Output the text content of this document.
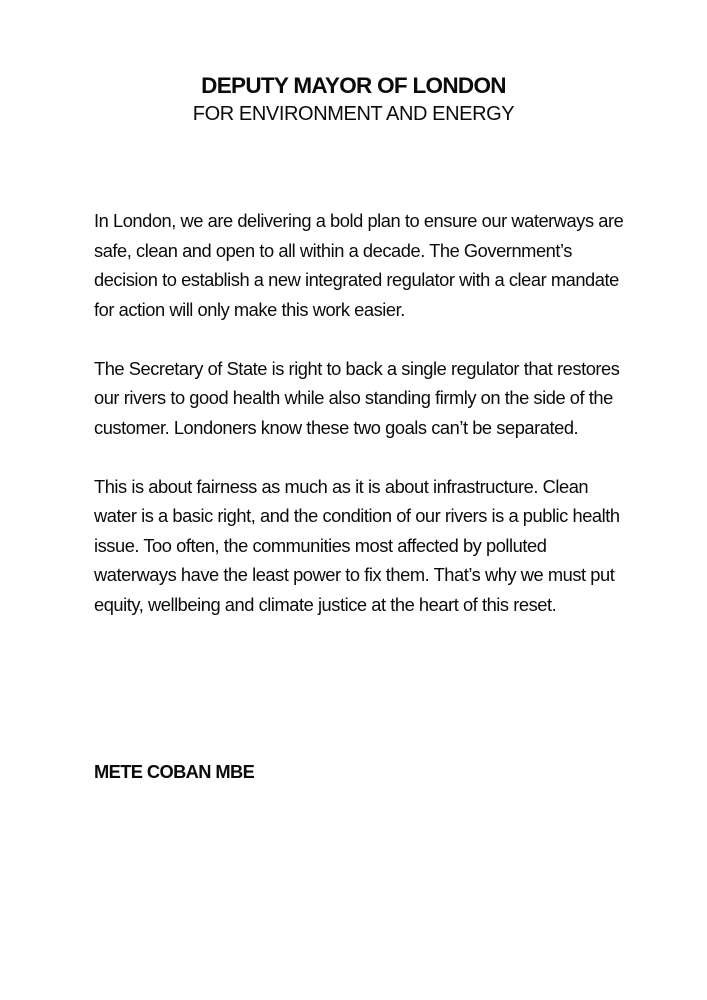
DEPUTY MAYOR OF LONDON
FOR ENVIRONMENT AND ENERGY

In London, we are delivering a bold plan to ensure our waterways are safe, clean and open to all within a decade. The Government’s decision to establish a new integrated regulator with a clear mandate for action will only make this work easier.

The Secretary of State is right to back a single regulator that restores our rivers to good health while also standing firmly on the side of the customer. Londoners know these two goals can’t be separated.

This is about fairness as much as it is about infrastructure. Clean water is a basic right, and the condition of our rivers is a public health issue. Too often, the communities most affected by polluted waterways have the least power to fix them. That’s why we must put equity, wellbeing and climate justice at the heart of this reset.

METE COBAN MBE
